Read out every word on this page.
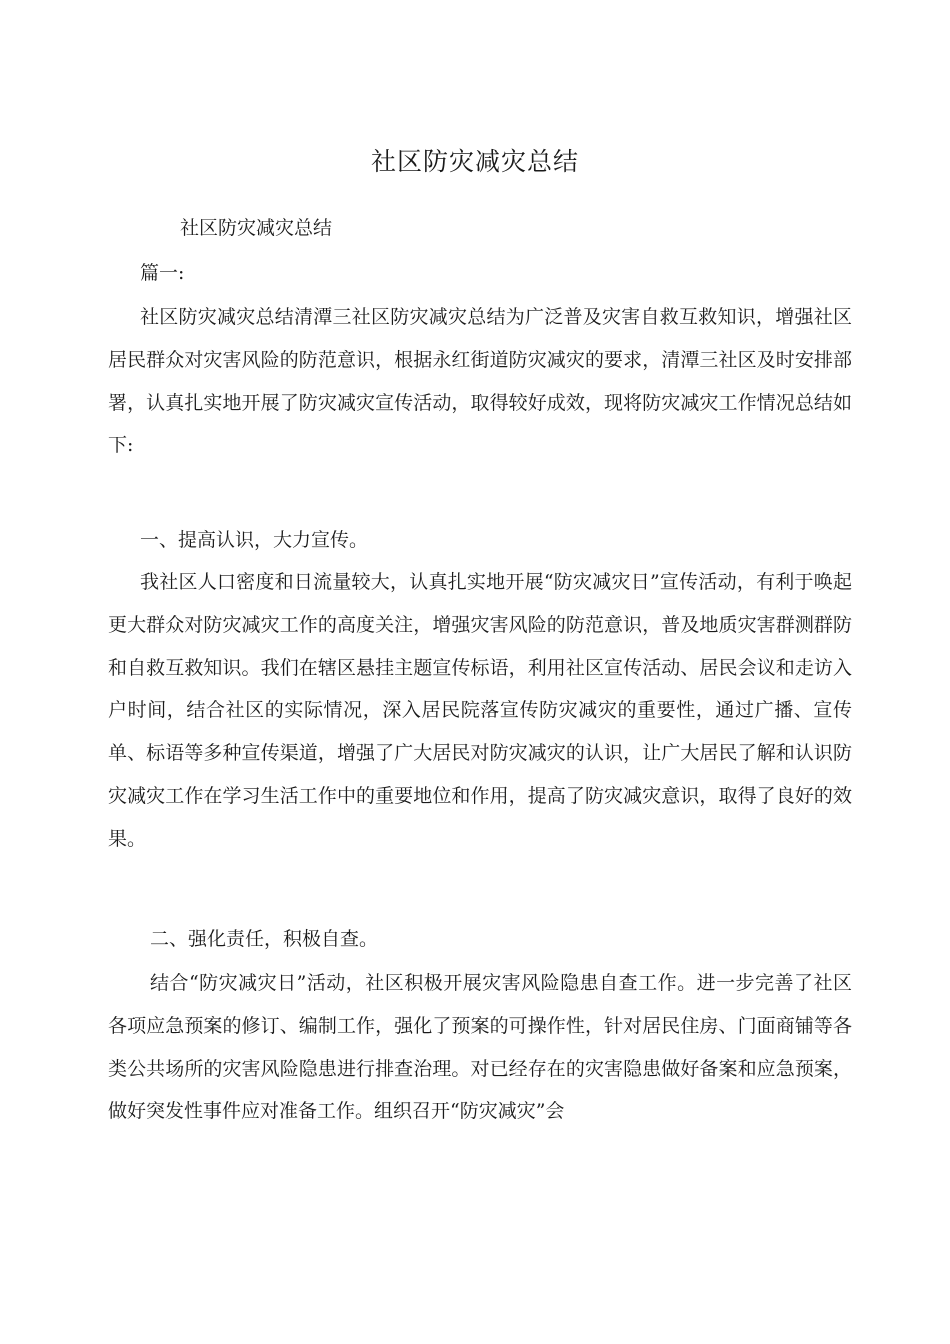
社区防灾减灾总结
社区防灾减灾总结
篇一:
社区防灾减灾总结清潭三社区防灾减灾总结为广泛普及灾害自救互救知识，增强社区居民群众对灾害风险的防范意识，根据永红街道防灾减灾的要求，清潭三社区及时安排部署，认真扎实地开展了防灾减灾宣传活动，取得较好成效，现将防灾减灾工作情况总结如下:
一、提高认识，大力宣传。
我社区人口密度和日流量较大，认真扎实地开展“防灾减灾日”宣传活动，有利于唤起更大群众对防灾减灾工作的高度关注，增强灾害风险的防范意识，普及地质灾害群测群防和自救互救知识。我们在辖区悬挂主题宣传标语，利用社区宣传活动、居民会议和走访入户时间，结合社区的实际情况，深入居民院落宣传防灾减灾的重要性，通过广播、宣传单、标语等多种宣传渠道，增强了广大居民对防灾减灾的认识，让广大居民了解和认识防灾减灾工作在学习生活工作中的重要地位和作用，提高了防灾减灾意识，取得了良好的效果。
二、强化责任，积极自查。
结合“防灾减灾日”活动，社区积极开展灾害风险隐患自查工作。进一步完善了社区各项应急预案的修订、编制工作，强化了预案的可操作性，针对居民住房、门面商铺等各类公共场所的灾害风险隐患进行排查治理。对已经存在的灾害隐患做好备案和应急预案，做好突发性事件应对准备工作。组织召开“防灾减灾”会
